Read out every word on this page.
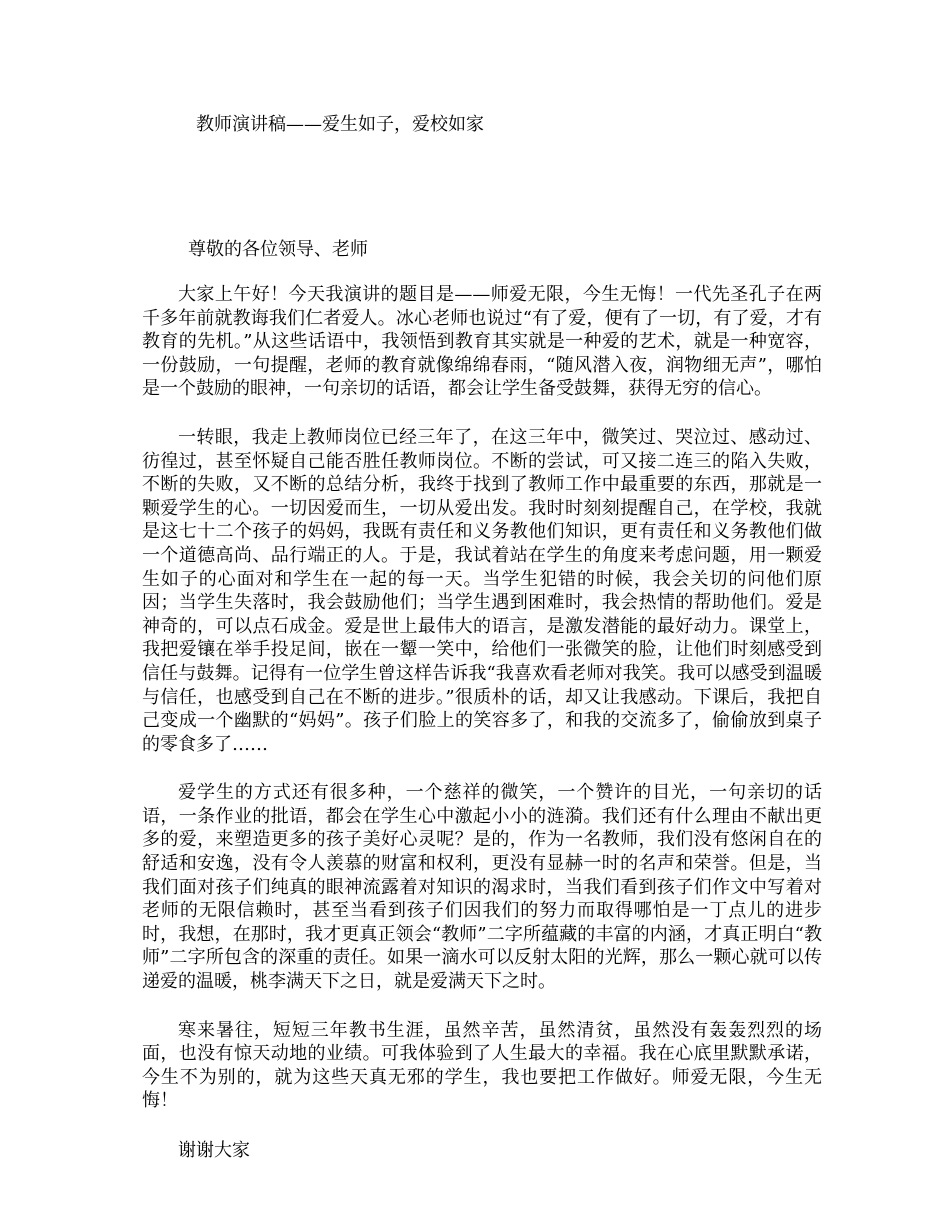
教师演讲稿——爱生如子，爱校如家

尊敬的各位领导、老师

大家上午好！今天我演讲的题目是——师爱无限，今生无悔！一代先圣孔子在两千多年前就教诲我们仁者爱人。冰心老师也说过“有了爱，便有了一切，有了爱，才有教育的先机。”从这些话语中，我领悟到教育其实就是一种爱的艺术，就是一种宽容，一份鼓励，一句提醒，老师的教育就像绵绵春雨，“随风潜入夜，润物细无声”，哪怕是一个鼓励的眼神，一句亲切的话语，都会让学生备受鼓舞，获得无穷的信心。

一转眼，我走上教师岗位已经三年了，在这三年中，微笑过、哭泣过、感动过、彷徨过，甚至怀疑自己能否胜任教师岗位。不断的尝试，可又接二连三的陷入失败，不断的失败，又不断的总结分析，我终于找到了教师工作中最重要的东西，那就是一颗爱学生的心。一切因爱而生，一切从爱出发。我时时刻刻提醒自己，在学校，我就是这七十二个孩子的妈妈，我既有责任和义务教他们知识，更有责任和义务教他们做一个道德高尚、品行端正的人。于是，我试着站在学生的角度来考虑问题，用一颗爱生如子的心面对和学生在一起的每一天。当学生犯错的时候，我会关切的问他们原因；当学生失落时，我会鼓励他们；当学生遇到困难时，我会热情的帮助他们。爱是神奇的，可以点石成金。爱是世上最伟大的语言，是激发潜能的最好动力。课堂上，我把爱镶在举手投足间，嵌在一颦一笑中，给他们一张微笑的脸，让他们时刻感受到信任与鼓舞。记得有一位学生曾这样告诉我“我喜欢看老师对我笑。我可以感受到温暖与信任，也感受到自己在不断的进步。”很质朴的话，却又让我感动。下课后，我把自己变成一个幽默的“妈妈”。孩子们脸上的笑容多了，和我的交流多了，偷偷放到桌子的零食多了……

爱学生的方式还有很多种，一个慈祥的微笑，一个赞许的目光，一句亲切的话语，一条作业的批语，都会在学生心中激起小小的涟漪。我们还有什么理由不献出更多的爱，来塑造更多的孩子美好心灵呢？是的，作为一名教师，我们没有悠闲自在的舒适和安逸，没有令人羡慕的财富和权利，更没有显赫一时的名声和荣誉。但是，当我们面对孩子们纯真的眼神流露着对知识的渴求时，当我们看到孩子们作文中写着对老师的无限信赖时，甚至当看到孩子们因我们的努力而取得哪怕是一丁点儿的进步时，我想，在那时，我才更真正领会“教师”二字所蕴藏的丰富的内涵，才真正明白“教师”二字所包含的深重的责任。如果一滴水可以反射太阳的光辉，那么一颗心就可以传递爱的温暖，桃李满天下之日，就是爱满天下之时。

寒来暑往，短短三年教书生涯，虽然辛苦，虽然清贫，虽然没有轰轰烈烈的场面，也没有惊天动地的业绩。可我体验到了人生最大的幸福。我在心底里默默承诺，今生不为别的，就为这些天真无邪的学生，我也要把工作做好。师爱无限，今生无悔！

谢谢大家
